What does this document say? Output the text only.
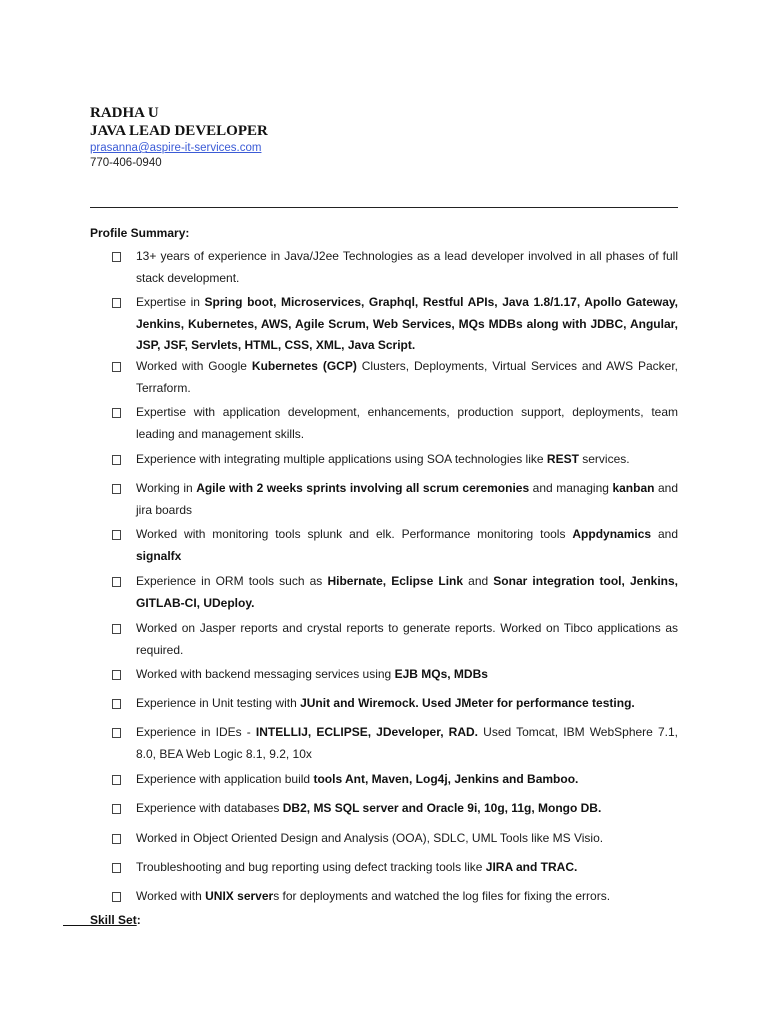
RADHA U
JAVA LEAD DEVELOPER
prasanna@aspire-it-services.com
770-406-0940
Profile Summary:
13+ years of experience in Java/J2ee Technologies as a lead developer involved in all phases of full stack development.
Expertise in Spring boot, Microservices, Graphql, Restful APIs, Java 1.8/1.17, Apollo Gateway, Jenkins, Kubernetes, AWS, Agile Scrum, Web Services, MQs MDBs along with JDBC, Angular, JSP, JSF, Servlets, HTML, CSS, XML, Java Script.
Worked with Google Kubernetes (GCP) Clusters, Deployments, Virtual Services and AWS Packer, Terraform.
Expertise with application development, enhancements, production support, deployments, team leading and management skills.
Experience with integrating multiple applications using SOA technologies like REST services.
Working in Agile with 2 weeks sprints involving all scrum ceremonies and managing kanban and jira boards
Worked with monitoring tools splunk and elk. Performance monitoring tools Appdynamics and signalfx
Experience in ORM tools such as Hibernate, Eclipse Link and Sonar integration tool, Jenkins, GITLAB-CI, UDeploy.
Worked on Jasper reports and crystal reports to generate reports. Worked on Tibco applications as required.
Worked with backend messaging services using EJB MQs, MDBs
Experience in Unit testing with JUnit and Wiremock. Used JMeter for performance testing.
Experience in IDEs - INTELLIJ, ECLIPSE, JDeveloper, RAD. Used Tomcat, IBM WebSphere 7.1, 8.0, BEA Web Logic 8.1, 9.2, 10x
Experience with application build tools Ant, Maven, Log4j, Jenkins and Bamboo.
Experience with databases DB2, MS SQL server and Oracle 9i, 10g, 11g, Mongo DB.
Worked in Object Oriented Design and Analysis (OOA), SDLC, UML Tools like MS Visio.
Troubleshooting and bug reporting using defect tracking tools like JIRA and TRAC.
Worked with UNIX servers for deployments and watched the log files for fixing the errors.
Skill Set:
